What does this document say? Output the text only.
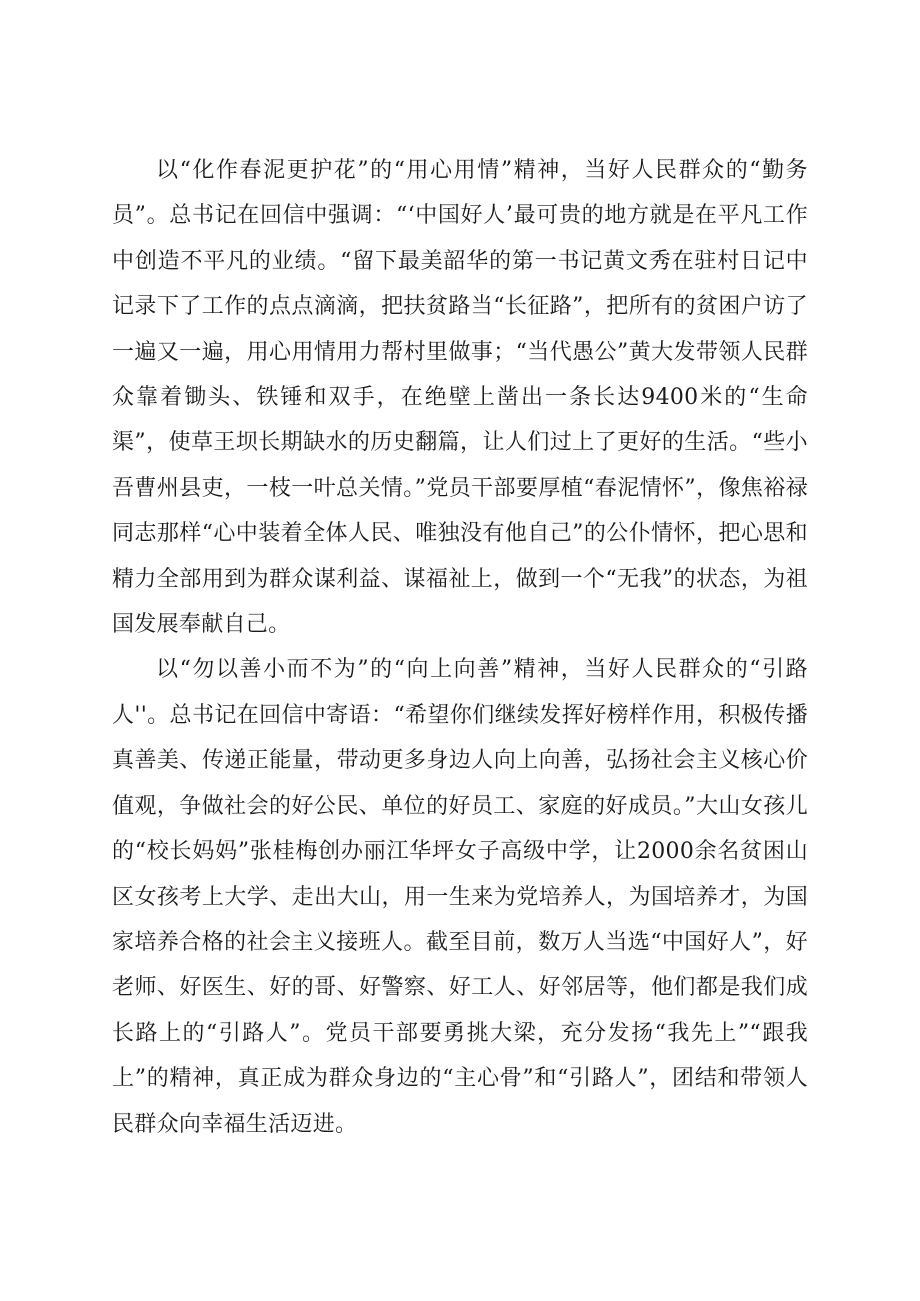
以“化作春泥更护花”的“用心用情”精神，当好人民群众的“勤务员”。总书记在回信中强调：“‘中国好人’最可贵的地方就是在平凡工作中创造不平凡的业绩。“留下最美韶华的第一书记黄文秀在驻村日记中记录下了工作的点点滴滴，把扶贫路当“长征路”，把所有的贫困户访了一遍又一遍，用心用情用力帮村里做事；“当代愚公”黄大发带领人民群众靠着锄头、铁锤和双手，在绝壁上凿出一条长达9400米的“生命渠”，使草王坝长期缺水的历史翻篇，让人们过上了更好的生活。“些小吾曹州县吏，一枝一叶总关情。”党员干部要厚植“春泥情怀”，像焦裕禄同志那样“心中装着全体人民、唯独没有他自己”的公仆情怀，把心思和精力全部用到为群众谋利益、谋福祉上，做到一个“无我”的状态，为祖国发展奉献自己。

以“勿以善小而不为”的“向上向善”精神，当好人民群众的“引路人''。总书记在回信中寄语：“希望你们继续发挥好榜样作用，积极传播真善美、传递正能量，带动更多身边人向上向善，弘扬社会主义核心价值观，争做社会的好公民、单位的好员工、家庭的好成员。”大山女孩儿的“校长妈妈”张桂梅创办丽江华坪女子高级中学，让2000余名贫困山区女孩考上大学、走出大山，用一生来为党培养人，为国培养才，为国家培养合格的社会主义接班人。截至目前，数万人当选“中国好人”，好老师、好医生、好的哥、好警察、好工人、好邻居等，他们都是我们成长路上的“引路人”。党员干部要勇挑大梁，充分发扬“我先上”“跟我上”的精神，真正成为群众身边的“主心骨”和“引路人”，团结和带领人民群众向幸福生活迈进。
